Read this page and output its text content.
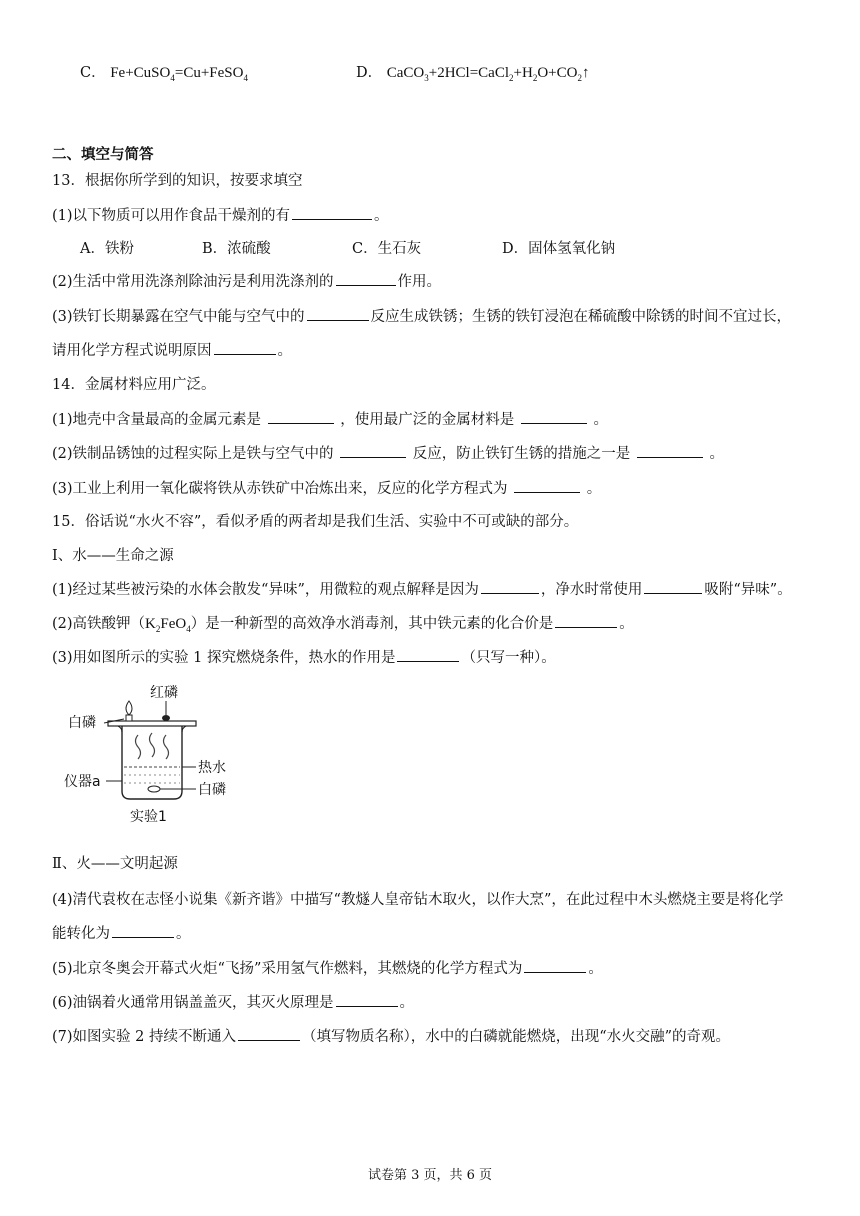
C． Fe+CuSO$_4$=Cu+FeSO$_4$	D． $CaCO_3+2HCl=CaCl_2+H_2O+CO_2↑$
二、填空与简答
13．根据你所学到的知识，按要求填空
(1)以下物质可以用作食品干燥剂的有	。
A．铁粉	B．浓硫酸	C．生石灰	D．固体氢氧化钠
(2)生活中常用洗涤剂除油污是利用洗涤剂的	作用。
(3)铁钉长期暴露在空气中能与空气中的	反应生成铁锈；生锈的铁钉浸泡在稀硫酸中除锈的时间不宜过长，
请用化学方程式说明原因	。
14．金属材料应用广泛。
(1)地壳中含量最高的金属元素是	，使用最广泛的金属材料是	。
(2)铁制品锈蚀的过程实际上是铁与空气中的	反应，防止铁钉生锈的措施之一是	。
(3)工业上利用一氧化碳将铁从赤铁矿中冶炼出来，反应的化学方程式为	。
15．俗话说“水火不容”，看似矛盾的两者却是我们生活、实验中不可或缺的部分。
Ⅰ、水——生命之源
(1)经过某些被污染的水体会散发“异味”，用微粒的观点解释是因为	，净水时常使用	吸附“异味”。
(2)高铁酸钾$(K_2FeO_4)$是一种新型的高效净水消毒剂，其中铁元素的化合价是	。
(3)用如图所示的实验 1 探究燃烧条件，热水的作用是	（只写一种）。
红磷
白磷
热水
白磷
仪器a
实验1
Ⅱ、火——文明起源
(4)清代袁枚在志怪小说集《新齐谐》中描写“教燧人皇帝钻木取火，以作大烹”，在此过程中木头燃烧主要是将化学
能转化为	。
(5)北京冬奥会开幕式火炬“飞扬”采用氢气作燃料，其燃烧的化学方程式为	。
(6)油锅着火通常用锅盖盖灭，其灭火原理是	。
(7)如图实验 2 持续不断通入	（填写物质名称），水中的白磷就能燃烧，出现“水火交融”的奇观。
试卷第 3 页，共 6 页
